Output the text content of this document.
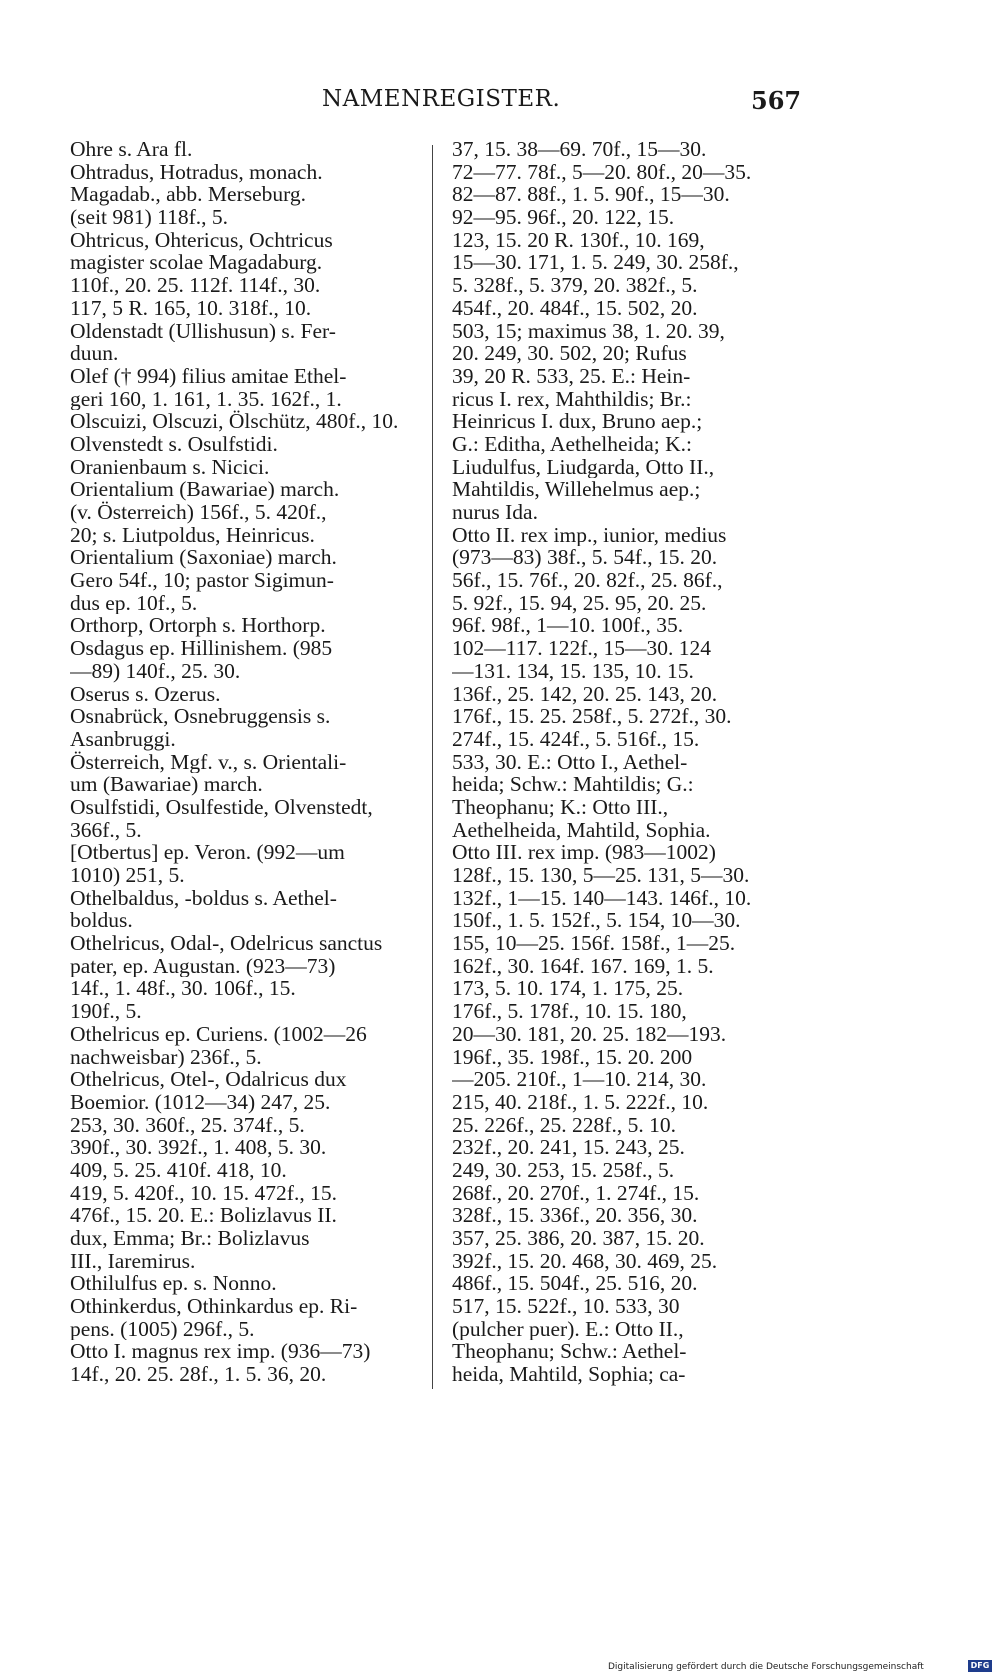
NAMENREGISTER.	567
Ohre s. Ara fl.
Ohtradus, Hotradus, monach.
Magadab., abb. Merseburg.
(seit 981) 118f., 5.
Ohtricus, Ohtericus, Ochtricus
magister scolae Magadaburg.
110f., 20. 25. 112f. 114f., 30.
117, 5 R. 165, 10. 318f., 10.
Oldenstadt (Ullishusun) s. Fer-
duun.
Olef († 994) filius amitae Ethel-
geri 160, 1. 161, 1. 35. 162f., 1.
Olscuizi, Olscuzi, Ölschütz, 480f., 10.
Olvenstedt s. Osulfstidi.
Oranienbaum s. Nicici.
Orientalium (Bawariae) march.
(v. Österreich) 156f., 5. 420f.,
20; s. Liutpoldus, Heinricus.
Orientalium (Saxoniae) march.
Gero 54f., 10; pastor Sigimun-
dus ep. 10f., 5.
Orthorp, Ortorph s. Horthorp.
Osdagus ep. Hillinishem. (985
—89) 140f., 25. 30.
Oserus s. Ozerus.
Osnabrück, Osnebruggensis s.
Asanbruggi.
Österreich, Mgf. v., s. Orientali-
um (Bawariae) march.
Osulfstidi, Osulfestide, Olvenstedt,
366f., 5.
[Otbertus] ep. Veron. (992—um
1010) 251, 5.
Othelbaldus, -boldus s. Aethel-
boldus.
Othelricus, Odal-, Odelricus sanctus
pater, ep. Augustan. (923—73)
14f., 1. 48f., 30. 106f., 15.
190f., 5.
Othelricus ep. Curiens. (1002—26
nachweisbar) 236f., 5.
Othelricus, Otel-, Odalricus dux
Boemior. (1012—34) 247, 25.
253, 30. 360f., 25. 374f., 5.
390f., 30. 392f., 1. 408, 5. 30.
409, 5. 25. 410f. 418, 10.
419, 5. 420f., 10. 15. 472f., 15.
476f., 15. 20. E.: Bolizlavus II.
dux, Emma; Br.: Bolizlavus
III., Iaremirus.
Othilulfus ep. s. Nonno.
Othinkerdus, Othinkardus ep. Ri-
pens. (1005) 296f., 5.
Otto I. magnus rex imp. (936—73)
14f., 20. 25. 28f., 1. 5. 36, 20.
37, 15. 38—69. 70f., 15—30.
72—77. 78f., 5—20. 80f., 20—35.
82—87. 88f., 1. 5. 90f., 15—30.
92—95. 96f., 20. 122, 15.
123, 15. 20 R. 130f., 10. 169,
15—30. 171, 1. 5. 249, 30. 258f.,
5. 328f., 5. 379, 20. 382f., 5.
454f., 20. 484f., 15. 502, 20.
503, 15; maximus 38, 1. 20. 39,
20. 249, 30. 502, 20; Rufus
39, 20 R. 533, 25. E.: Hein-
ricus I. rex, Mahthildis; Br.:
Heinricus I. dux, Bruno aep.;
G.: Editha, Aethelheida; K.:
Liudulfus, Liudgarda, Otto II.,
Mahtildis, Willehelmus aep.;
nurus Ida.
Otto II. rex imp., iunior, medius
(973—83) 38f., 5. 54f., 15. 20.
56f., 15. 76f., 20. 82f., 25. 86f.,
5. 92f., 15. 94, 25. 95, 20. 25.
96f. 98f., 1—10. 100f., 35.
102—117. 122f., 15—30. 124
—131. 134, 15. 135, 10. 15.
136f., 25. 142, 20. 25. 143, 20.
176f., 15. 25. 258f., 5. 272f., 30.
274f., 15. 424f., 5. 516f., 15.
533, 30. E.: Otto I., Aethel-
heida; Schw.: Mahtildis; G.:
Theophanu; K.: Otto III.,
Aethelheida, Mahtild, Sophia.
Otto III. rex imp. (983—1002)
128f., 15. 130, 5—25. 131, 5—30.
132f., 1—15. 140—143. 146f., 10.
150f., 1. 5. 152f., 5. 154, 10—30.
155, 10—25. 156f. 158f., 1—25.
162f., 30. 164f. 167. 169, 1. 5.
173, 5. 10. 174, 1. 175, 25.
176f., 5. 178f., 10. 15. 180,
20—30. 181, 20. 25. 182—193.
196f., 35. 198f., 15. 20. 200
—205. 210f., 1—10. 214, 30.
215, 40. 218f., 1. 5. 222f., 10.
25. 226f., 25. 228f., 5. 10.
232f., 20. 241, 15. 243, 25.
249, 30. 253, 15. 258f., 5.
268f., 20. 270f., 1. 274f., 15.
328f., 15. 336f., 20. 356, 30.
357, 25. 386, 20. 387, 15. 20.
392f., 15. 20. 468, 30. 469, 25.
486f., 15. 504f., 25. 516, 20.
517, 15. 522f., 10. 533, 30
(pulcher puer). E.: Otto II.,
Theophanu; Schw.: Aethel-
heida, Mahtild, Sophia; ca-
Digitalisierung gefördert durch die Deutsche Forschungsgemeinschaft	DFG
